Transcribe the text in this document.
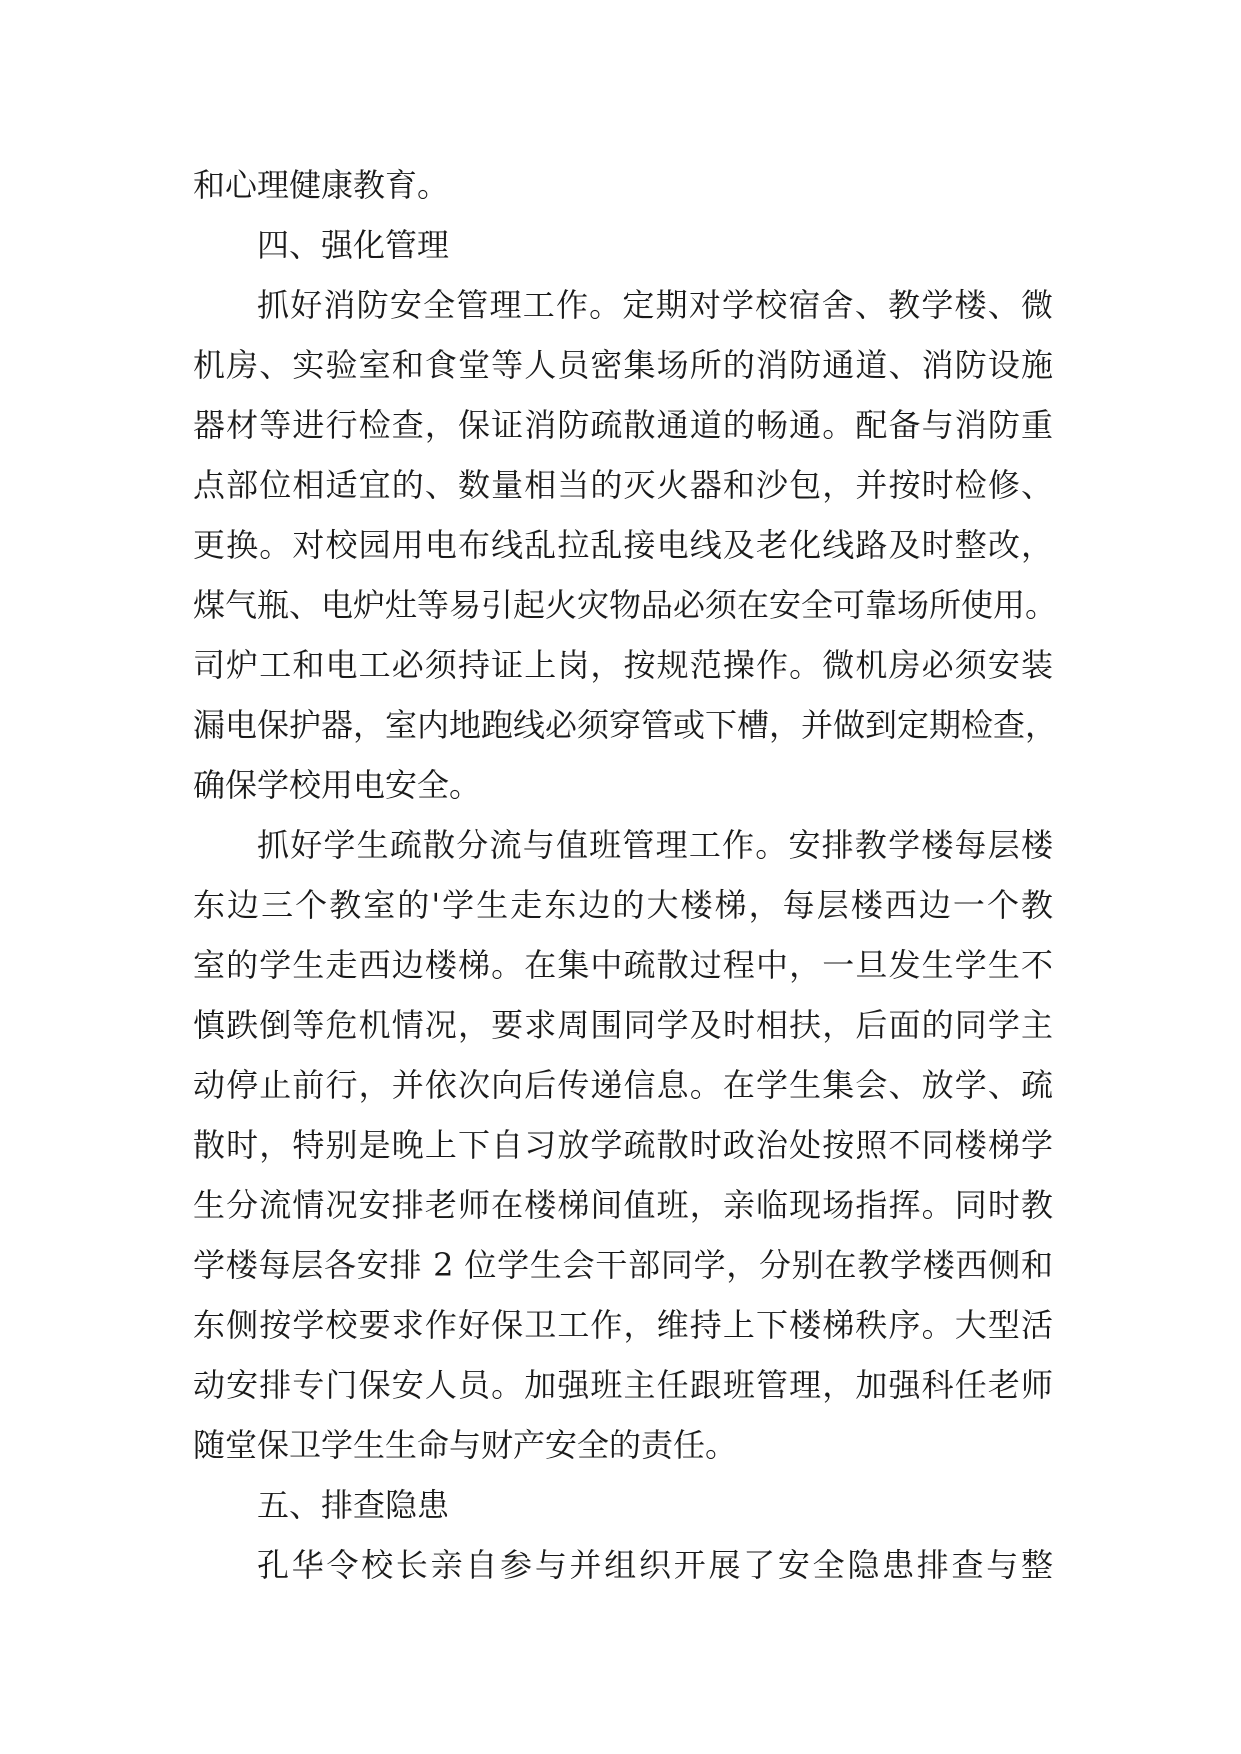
和心理健康教育。
四、强化管理
抓好消防安全管理工作。定期对学校宿舍、教学楼、微
机房、实验室和食堂等人员密集场所的消防通道、消防设施
器材等进行检查，保证消防疏散通道的畅通。配备与消防重
点部位相适宜的、数量相当的灭火器和沙包，并按时检修、
更换。对校园用电布线乱拉乱接电线及老化线路及时整改，
煤气瓶、电炉灶等易引起火灾物品必须在安全可靠场所使用。
司炉工和电工必须持证上岗，按规范操作。微机房必须安装
漏电保护器，室内地跑线必须穿管或下槽，并做到定期检查，
确保学校用电安全。
抓好学生疏散分流与值班管理工作。安排教学楼每层楼
东边三个教室的'学生走东边的大楼梯，每层楼西边一个教
室的学生走西边楼梯。在集中疏散过程中，一旦发生学生不
慎跌倒等危机情况，要求周围同学及时相扶，后面的同学主
动停止前行，并依次向后传递信息。在学生集会、放学、疏
散时，特别是晚上下自习放学疏散时政治处按照不同楼梯学
生分流情况安排老师在楼梯间值班，亲临现场指挥。同时教
学楼每层各安排 2 位学生会干部同学，分别在教学楼西侧和
东侧按学校要求作好保卫工作，维持上下楼梯秩序。大型活
动安排专门保安人员。加强班主任跟班管理，加强科任老师
随堂保卫学生生命与财产安全的责任。
五、排查隐患
孔华令校长亲自参与并组织开展了安全隐患排查与整
